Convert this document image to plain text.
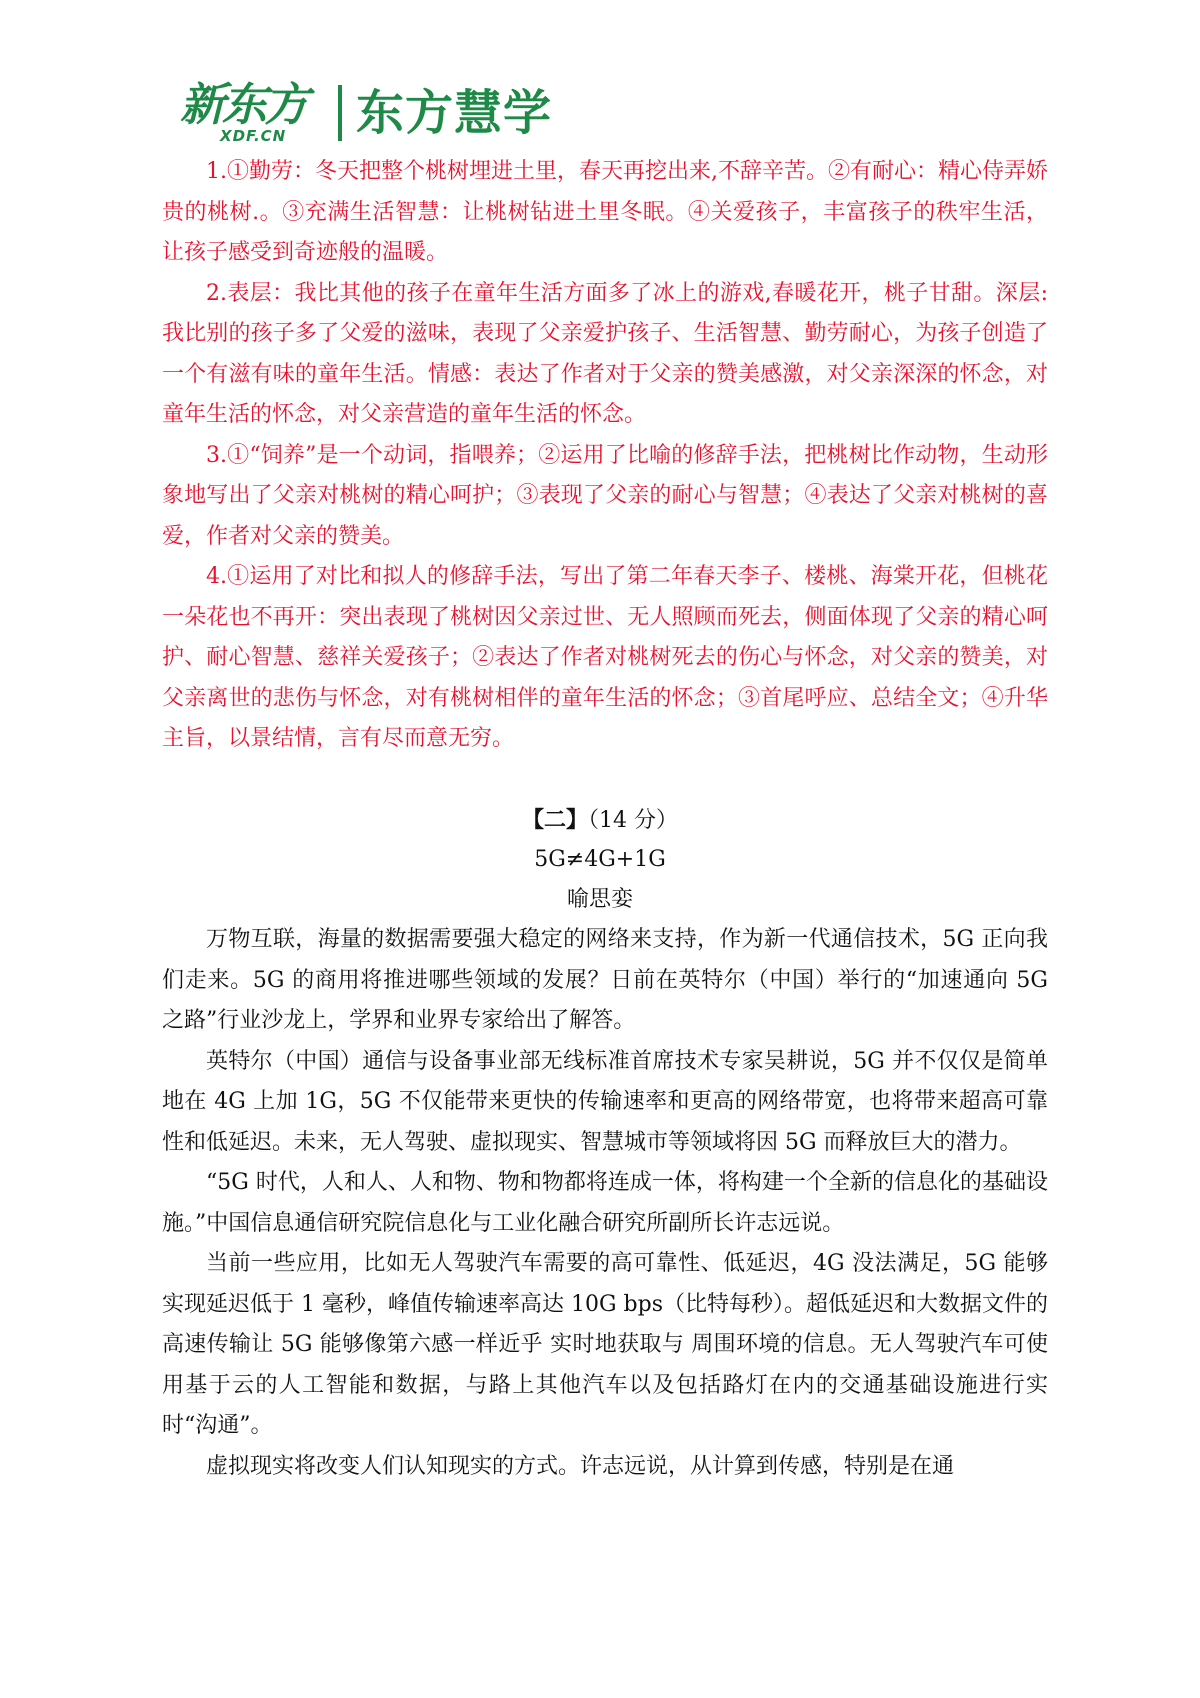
新东方
XDF.CN 东方慧学

1.①勤劳：冬天把整个桃树埋进土里，春天再挖出来,不辞辛苦。②有耐心：精心侍弄娇贵的桃树.。③充满生活智慧：让桃树钻进土里冬眠。④关爱孩子，丰富孩子的秩牢生活，让孩子感受到奇迹般的温暖。

2.表层：我比其他的孩子在童年生活方面多了冰上的游戏,春暖花开，桃子甘甜。深层:我比别的孩子多了父爱的滋味，表现了父亲爱护孩子、生活智慧、勤劳耐心，为孩子创造了一个有滋有味的童年生活。情感：表达了作者对于父亲的赞美感激，对父亲深深的怀念，对童年生活的怀念，对父亲营造的童年生活的怀念。

3.①“饲养”是一个动词，指喂养；②运用了比喻的修辞手法，把桃树比作动物，生动形象地写出了父亲对桃树的精心呵护；③表现了父亲的耐心与智慧；④表达了父亲对桃树的喜爱，作者对父亲的赞美。

4.①运用了对比和拟人的修辞手法，写出了第二年春天李子、楼桃、海棠开花，但桃花一朵花也不再开：突出表现了桃树因父亲过世、无人照顾而死去，侧面体现了父亲的精心呵护、耐心智慧、慈祥关爱孩子；②表达了作者对桃树死去的伤心与怀念，对父亲的赞美，对父亲离世的悲伤与怀念，对有桃树相伴的童年生活的怀念；③首尾呼应、总结全文；④升华主旨，以景结情，言有尽而意无穷。

【二】（14 分）
5G≠4G+1G
喻思娈

万物互联，海量的数据需要强大稳定的网络来支持，作为新一代通信技术，5G 正向我们走来。5G 的商用将推进哪些领域的发展？日前在英特尔（中国）举行的“加速通向 5G 之路”行业沙龙上，学界和业界专家给出了解答。

英特尔（中国）通信与设备事业部无线标准首席技术专家吴耕说，5G 并不仅仅是简单地在 4G 上加 1G，5G 不仅能带来更快的传输速率和更高的网络带宽，也将带来超高可靠性和低延迟。未来，无人驾驶、虚拟现实、智慧城市等领域将因 5G 而释放巨大的潜力。

“5G 时代，人和人、人和物、物和物都将连成一体，将构建一个全新的信息化的基础设施。”中国信息通信研究院信息化与工业化融合研究所副所长许志远说。

当前一些应用，比如无人驾驶汽车需要的高可靠性、低延迟，4G 没法满足，5G 能够实现延迟低于 1 毫秒，峰值传输速率高达 10G bps（比特每秒）。超低延迟和大数据文件的高速传输让 5G 能够像第六感一样近乎 实时地获取与 周围环境的信息。无人驾驶汽车可使用基于云的人工智能和数据，与路上其他汽车以及包括路灯在内的交通基础设施进行实时“沟通”。

虚拟现实将改变人们认知现实的方式。许志远说，从计算到传感，特别是在通
